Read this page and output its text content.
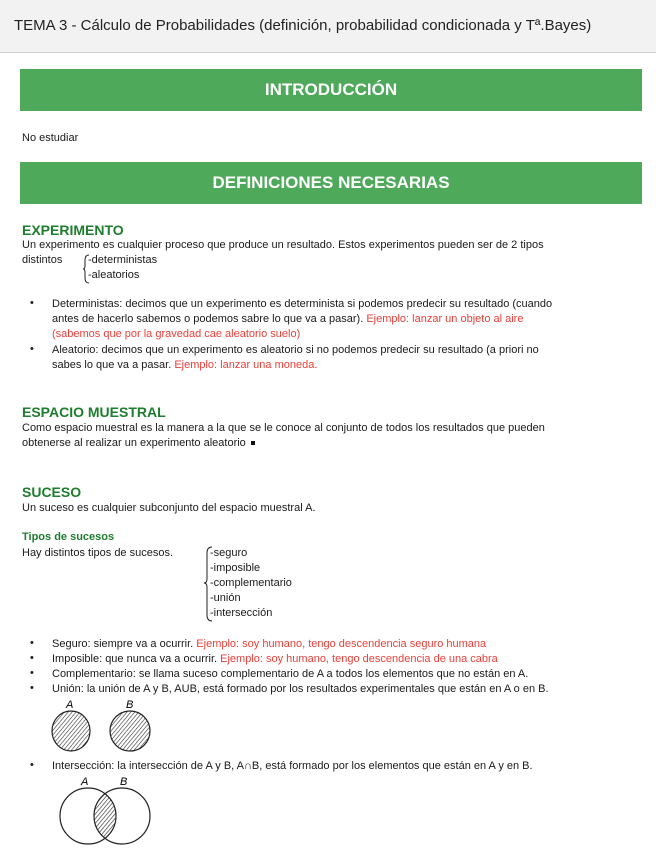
TEMA 3 - Cálculo de Probabilidades (definición, probabilidad condicionada y Tª.Bayes)
INTRODUCCIÓN
No estudiar
DEFINICIONES NECESARIAS
EXPERIMENTO
Un experimento es cualquier proceso que produce un resultado. Estos experimentos pueden ser de 2 tipos
distintos -deterministas
-aleatorios
• Deterministas: decimos que un experimento es determinista si podemos predecir su resultado (cuando
antes de hacerlo sabemos o podemos sabre lo que va a pasar). Ejemplo: lanzar un objeto al aire
(sabemos que por la gravedad cae aleatorio suelo)
• Aleatorio: decimos que un experimento es aleatorio si no podemos predecir su resultado (a priori no
sabes lo que va a pasar. Ejemplo: lanzar una moneda.
ESPACIO MUESTRAL
Como espacio muestral es la manera a la que se le conoce al conjunto de todos los resultados que pueden
obtenerse al realizar un experimento aleatorio
SUCESO
Un suceso es cualquier subconjunto del espacio muestral A.
Tipos de sucesos
Hay distintos tipos de sucesos.	-seguro
-imposible
-complementario
-unión
-intersección
• Seguro: siempre va a ocurrir. Ejemplo: soy humano, tengo descendencia seguro humana
• Imposible: que nunca va a ocurrir. Ejemplo: soy humano, tengo descendencia de una cabra
• Complementario: se llama suceso complementario de A a todos los elementos que no están en A.
• Unión: la unión de A y B, AUB, está formado por los resultados experimentales que están en A o en B.
A	B
• Intersección: la intersección de A y B, A∩B, está formado por los elementos que están en A y en B.
A	B
